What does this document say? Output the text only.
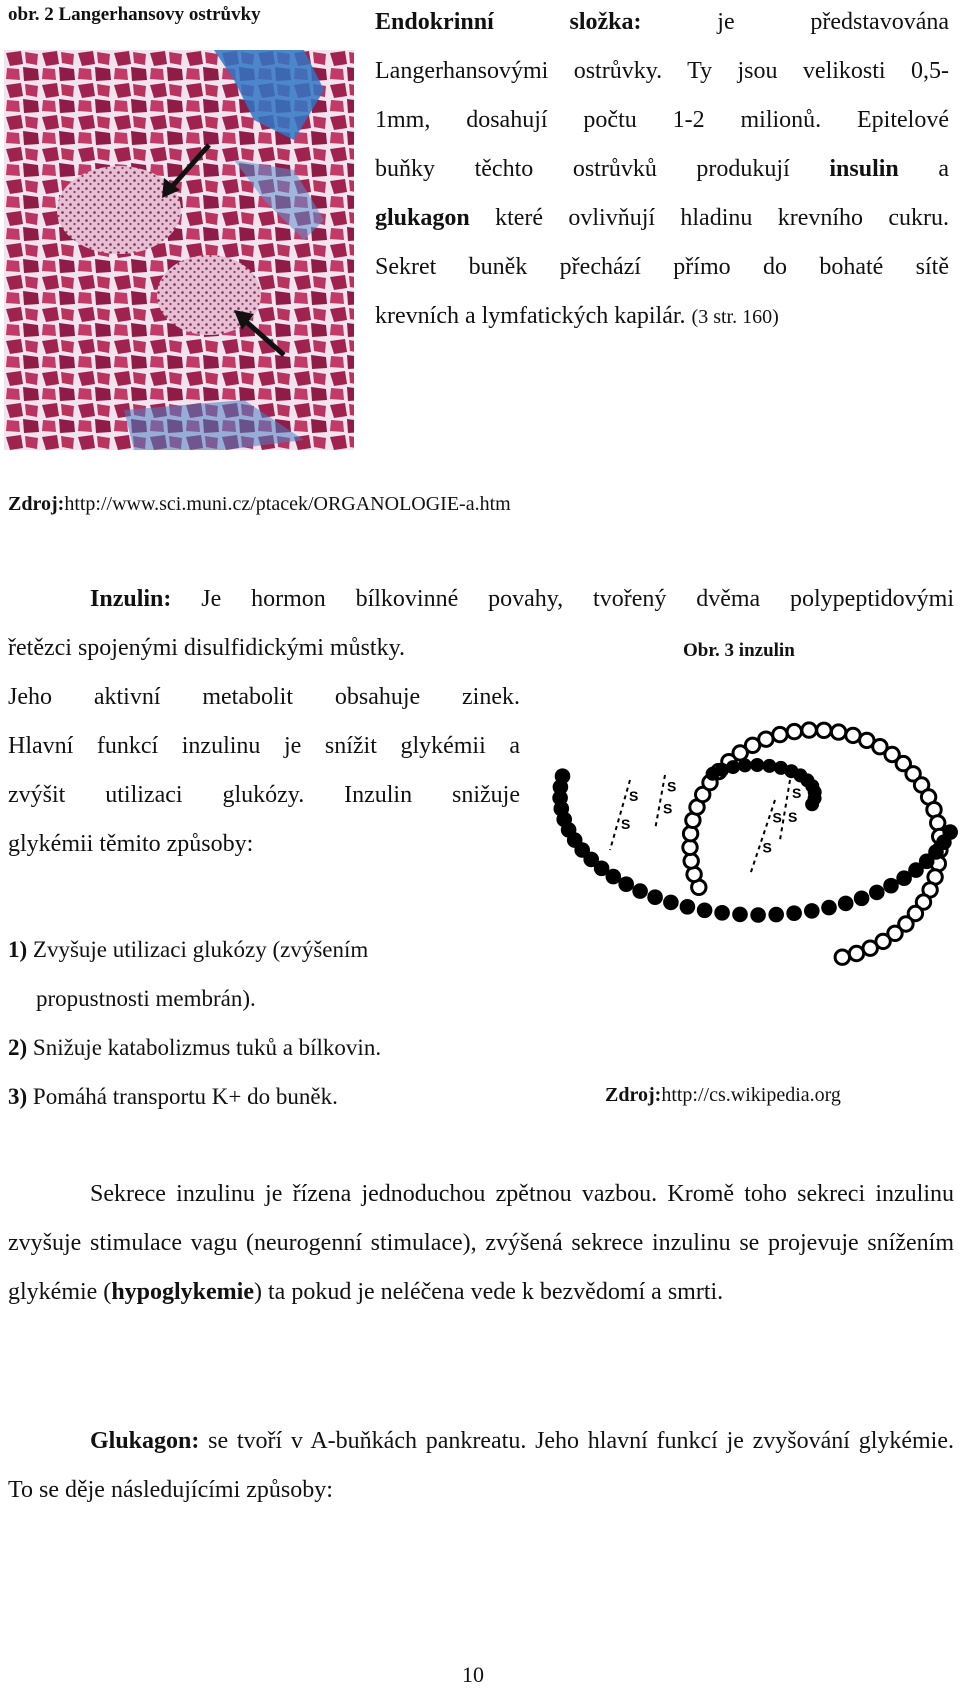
obr. 2 Langerhansovy ostrůvky	Endokrinní složka:	je představována
Langerhansovými ostrůvky. Ty jsou velikosti 0,5-
1mm, dosahují počtu 1-2 milionů. Epitelové
buňky těchto ostrůvků produkují insulin a
glukagon které ovlivňují hladinu krevního cukru.
Sekret buněk přechází přímo do bohaté sítě
krevních a lymfatických kapilár. (3 str. 160)
Zdroj:http://www.sci.muni.cz/ptacek/ORGANOLOGIE-a.htm
Inzulin: Je hormon bílkovinné povahy, tvořený dvěma polypeptidovými
řetězci spojenými disulfidickými můstky.
Jeho aktivní metabolit obsahuje zinek.
Hlavní funkcí inzulinu je snížit glykémii a
zvýšit utilizaci glukózy. Inzulin snižuje
glykémii těmito způsoby:
1) Zvyšuje utilizaci glukózy (zvýšením
propustnosti membrán).
2) Snižuje katabolizmus tuků a bílkovin.
3) Pomáhá transportu K+ do buněk.
Obr. 3 inzulin
S
S
S
S
S
S
S
S
Zdroj:http://cs.wikipedia.org
Sekrece inzulinu je řízena jednoduchou zpětnou vazbou. Kromě toho sekreci inzulinu zvyšuje stimulace vagu (neurogenní stimulace), zvýšená sekrece inzulinu se projevuje snížením glykémie (hypoglykemie) ta pokud je neléčena vede k bezvědomí a smrti.
Glukagon: se tvoří v A-buňkách pankreatu. Jeho hlavní funkcí je zvyšování glykémie. To se děje následujícími způsoby:
10
